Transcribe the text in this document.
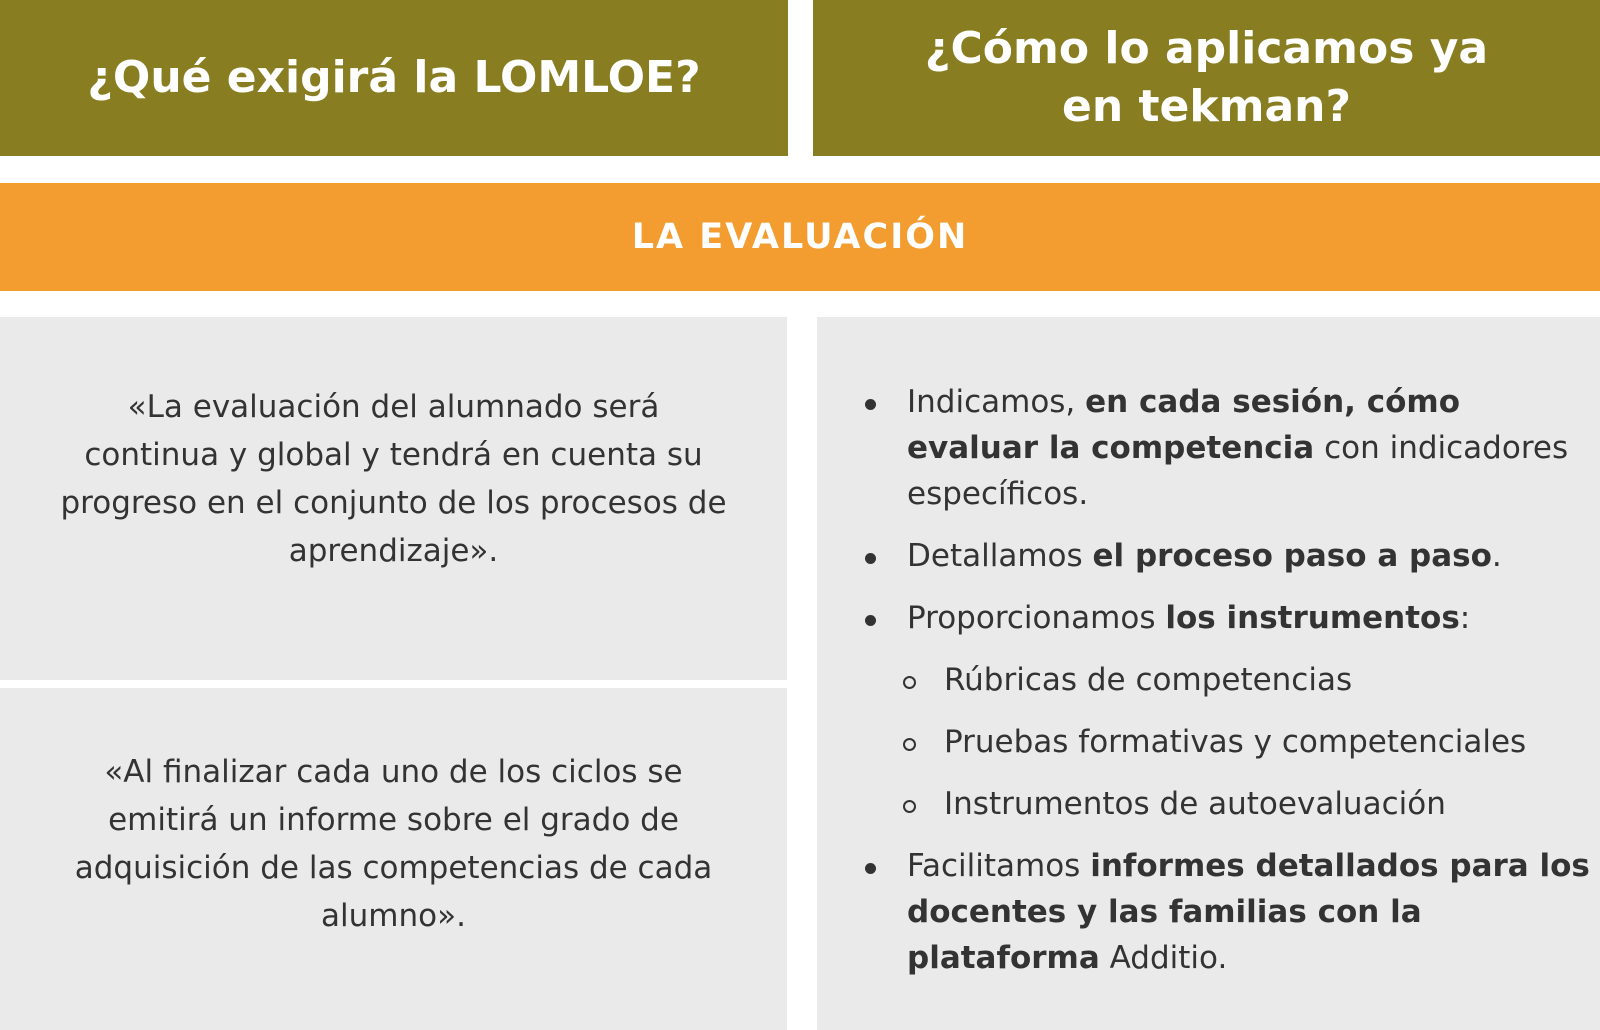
¿Qué exigirá la LOMLOE?
¿Cómo lo aplicamos ya
en tekman?
LA EVALUACIÓN

«La evaluación del alumnado será
continua y global y tendrá en cuenta su
progreso en el conjunto de los procesos de
aprendizaje».

«Al finalizar cada uno de los ciclos se
emitirá un informe sobre el grado de
adquisición de las competencias de cada
alumno».

Indicamos, en cada sesión, cómo evaluar la competencia con indicadores específicos.
Detallamos el proceso paso a paso.
Proporcionamos los instrumentos:
Rúbricas de competencias
Pruebas formativas y competenciales
Instrumentos de autoevaluación
Facilitamos informes detallados para los docentes y las familias con la plataforma Additio.
